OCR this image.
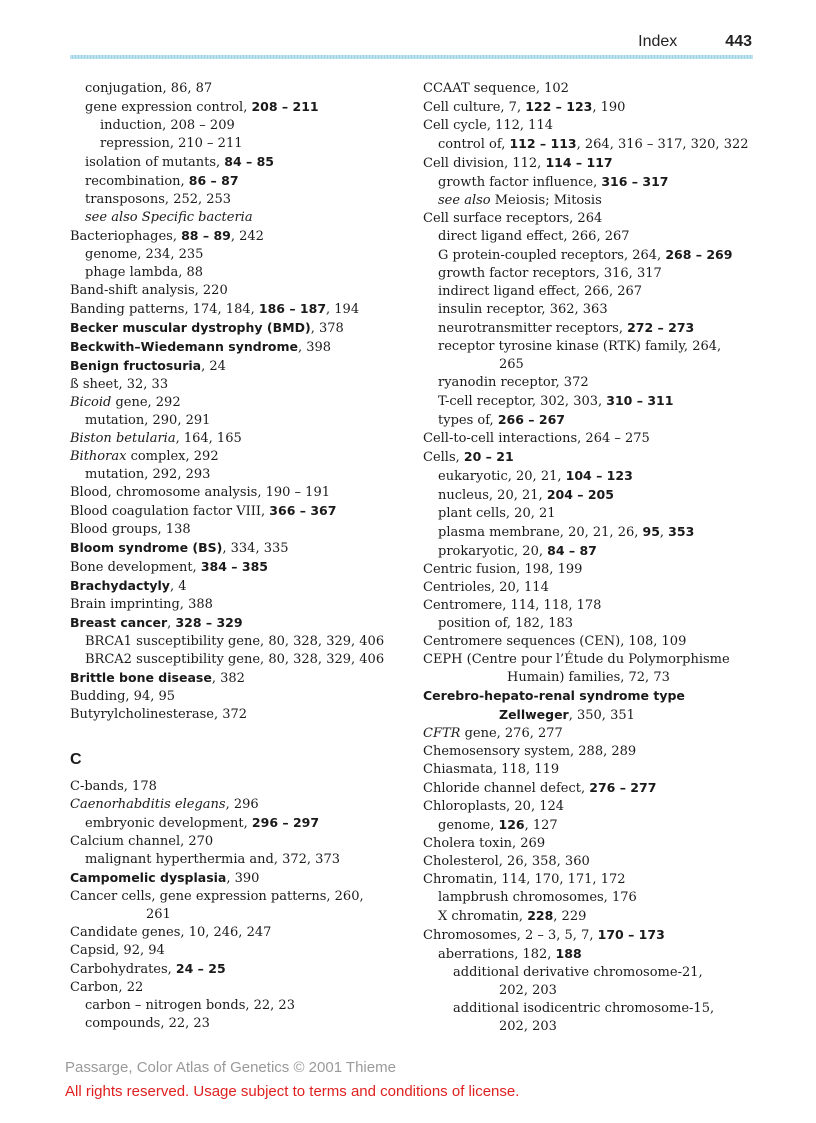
Index	443
conjugation, 86, 87
gene expression control, 208 – 211
induction, 208 – 209
repression, 210 – 211
isolation of mutants, 84 – 85
recombination, 86 – 87
transposons, 252, 253
see also Specific bacteria
Bacteriophages, 88 – 89, 242
genome, 234, 235
phage lambda, 88
Band-shift analysis, 220
Banding patterns, 174, 184, 186 – 187, 194
Becker muscular dystrophy (BMD), 378
Beckwith–Wiedemann syndrome, 398
Benign fructosuria, 24
ß sheet, 32, 33
Bicoid gene, 292
mutation, 290, 291
Biston betularia, 164, 165
Bithorax complex, 292
mutation, 292, 293
Blood, chromosome analysis, 190 – 191
Blood coagulation factor VIII, 366 – 367
Blood groups, 138
Bloom syndrome (BS), 334, 335
Bone development, 384 – 385
Brachydactyly, 4
Brain imprinting, 388
Breast cancer, 328 – 329
BRCA1 susceptibility gene, 80, 328, 329, 406
BRCA2 susceptibility gene, 80, 328, 329, 406
Brittle bone disease, 382
Budding, 94, 95
Butyrylcholinesterase, 372
C
C-bands, 178
Caenorhabditis elegans, 296
embryonic development, 296 – 297
Calcium channel, 270
malignant hyperthermia and, 372, 373
Campomelic dysplasia, 390
Cancer cells, gene expression patterns, 260,
261
Candidate genes, 10, 246, 247
Capsid, 92, 94
Carbohydrates, 24 – 25
Carbon, 22
carbon – nitrogen bonds, 22, 23
compounds, 22, 23
CCAAT sequence, 102
Cell culture, 7, 122 – 123, 190
Cell cycle, 112, 114
control of, 112 – 113, 264, 316 – 317, 320, 322
Cell division, 112, 114 – 117
growth factor influence, 316 – 317
see also Meiosis; Mitosis
Cell surface receptors, 264
direct ligand effect, 266, 267
G protein-coupled receptors, 264, 268 – 269
growth factor receptors, 316, 317
indirect ligand effect, 266, 267
insulin receptor, 362, 363
neurotransmitter receptors, 272 – 273
receptor tyrosine kinase (RTK) family, 264,
265
ryanodin receptor, 372
T-cell receptor, 302, 303, 310 – 311
types of, 266 – 267
Cell-to-cell interactions, 264 – 275
Cells, 20 – 21
eukaryotic, 20, 21, 104 – 123
nucleus, 20, 21, 204 – 205
plant cells, 20, 21
plasma membrane, 20, 21, 26, 95, 353
prokaryotic, 20, 84 – 87
Centric fusion, 198, 199
Centrioles, 20, 114
Centromere, 114, 118, 178
position of, 182, 183
Centromere sequences (CEN), 108, 109
CEPH (Centre pour l’Étude du Polymorphisme
Humain) families, 72, 73
Cerebro-hepato-renal syndrome type
Zellweger, 350, 351
CFTR gene, 276, 277
Chemosensory system, 288, 289
Chiasmata, 118, 119
Chloride channel defect, 276 – 277
Chloroplasts, 20, 124
genome, 126, 127
Cholera toxin, 269
Cholesterol, 26, 358, 360
Chromatin, 114, 170, 171, 172
lampbrush chromosomes, 176
X chromatin, 228, 229
Chromosomes, 2 – 3, 5, 7, 170 – 173
aberrations, 182, 188
additional derivative chromosome-21,
202, 203
additional isodicentric chromosome-15,
202, 203
Passarge, Color Atlas of Genetics © 2001 Thieme
All rights reserved. Usage subject to terms and conditions of license.
